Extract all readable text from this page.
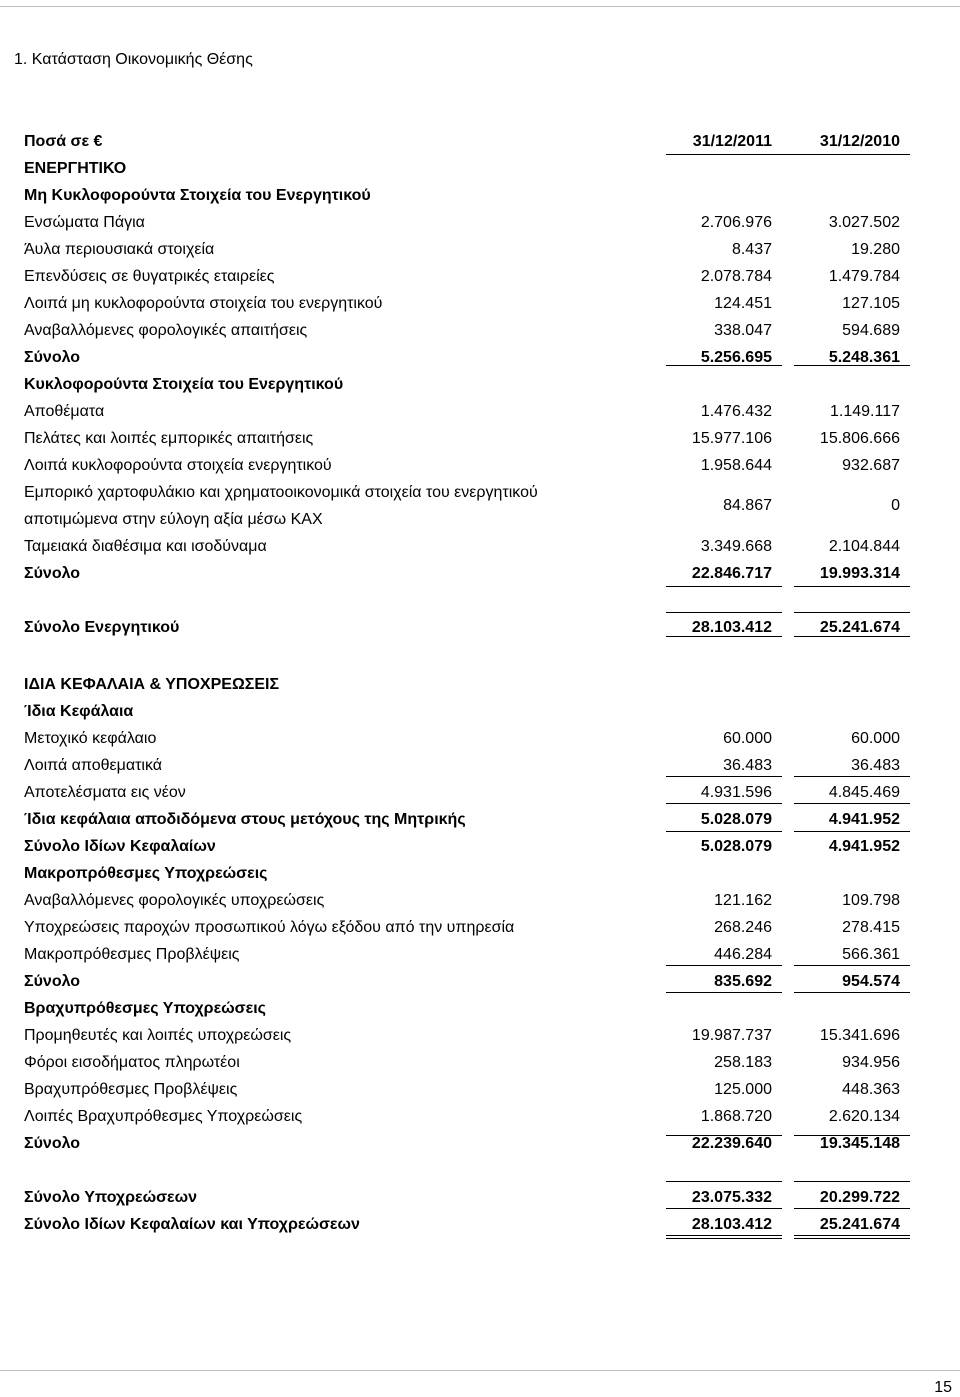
1. Κατάσταση Οικονομικής Θέσης
Ποσά σε €	31/12/2011	31/12/2010
ΕΝΕΡΓΗΤΙΚΟ
Μη Κυκλοφορούντα Στοιχεία του Ενεργητικού
Ενσώματα Πάγια	2.706.976	3.027.502
Άυλα περιουσιακά στοιχεία	8.437	19.280
Επενδύσεις σε θυγατρικές εταιρείες	2.078.784	1.479.784
Λοιπά μη κυκλοφορούντα στοιχεία του ενεργητικού	124.451	127.105
Αναβαλλόμενες φορολογικές απαιτήσεις	338.047	594.689
Σύνολο	5.256.695	5.248.361
Κυκλοφορούντα Στοιχεία του Ενεργητικού
Αποθέματα	1.476.432	1.149.117
Πελάτες και λοιπές εμπορικές απαιτήσεις	15.977.106	15.806.666
Λοιπά κυκλοφορούντα στοιχεία ενεργητικού	1.958.644	932.687
Εμπορικό χαρτοφυλάκιο και χρηματοοικονομικά στοιχεία του ενεργητικού
αποτιμώμενα στην εύλογη αξία μέσω ΚΑΧ
84.867	0
Ταμειακά διαθέσιμα και ισοδύναμα	3.349.668	2.104.844
Σύνολο	22.846.717	19.993.314
Σύνολο Ενεργητικού	28.103.412	25.241.674
ΙΔΙΑ ΚΕΦΑΛΑΙΑ & ΥΠΟΧΡΕΩΣΕΙΣ
Ίδια Κεφάλαια
Μετοχικό κεφάλαιο	60.000	60.000
Λοιπά αποθεματικά	36.483	36.483
Αποτελέσματα εις νέον	4.931.596	4.845.469
Ίδια κεφάλαια αποδιδόμενα στους μετόχους της Μητρικής	5.028.079	4.941.952
Σύνολο Ιδίων Κεφαλαίων	5.028.079	4.941.952
Μακροπρόθεσμες Υποχρεώσεις
Αναβαλλόμενες φορολογικές υποχρεώσεις	121.162	109.798
Υποχρεώσεις παροχών προσωπικού λόγω εξόδου από την υπηρεσία	268.246	278.415
Μακροπρόθεσμες Προβλέψεις	446.284	566.361
Σύνολο	835.692	954.574
Βραχυπρόθεσμες Υποχρεώσεις
Προμηθευτές και λοιπές υποχρεώσεις	19.987.737	15.341.696
Φόροι εισοδήματος πληρωτέοι	258.183	934.956
Βραχυπρόθεσμες Προβλέψεις	125.000	448.363
Λοιπές Βραχυπρόθεσμες Υποχρεώσεις	1.868.720	2.620.134
Σύνολο	22.239.640	19.345.148
Σύνολο Υποχρεώσεων	23.075.332	20.299.722
Σύνολο Ιδίων Κεφαλαίων και Υποχρεώσεων	28.103.412	25.241.674
15
